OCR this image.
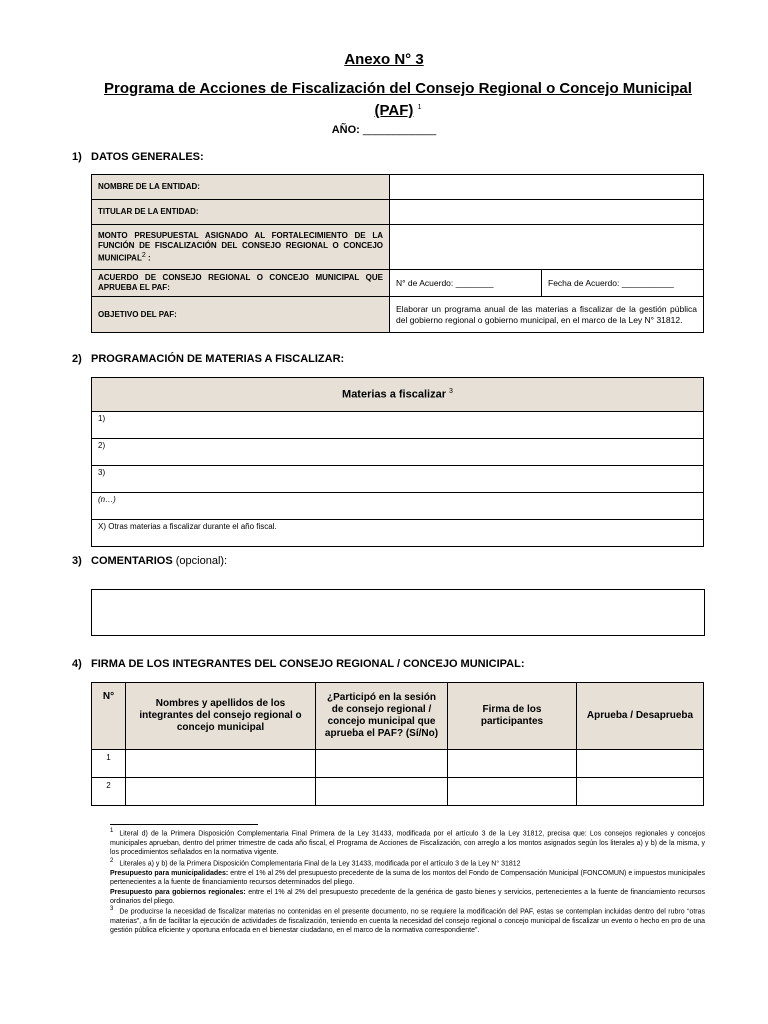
Anexo N° 3
Programa de Acciones de Fiscalización del Consejo Regional o Concejo Municipal
(PAF) $^1$
AÑO: ____________
1) DATOS GENERALES:
NOMBRE DE LA ENTIDAD:		
TITULAR DE LA ENTIDAD:		
MONTO PRESUPUESTAL ASIGNADO AL FORTALECIMIENTO DE LA FUNCIÓN DE FISCALIZACIÓN DEL CONSEJO REGIONAL O CONCEJO MUNICIPAL$^2$ :		
ACUERDO DE CONSEJO REGIONAL O CONCEJO MUNICIPAL QUE APRUEBA EL PAF:	N° de Acuerdo: ________	Fecha de Acuerdo: ___________
OBJETIVO DEL PAF:	Elaborar un programa anual de las materias a fiscalizar de la gestión pública del gobierno regional o gobierno municipal, en el marco de la Ley N° 31812.	
2) PROGRAMACIÓN DE MATERIAS A FISCALIZAR:
Materias a fiscalizar $^3$
1)
2)
3)
(n…)
X) Otras materias a fiscalizar durante el año fiscal.
3) COMENTARIOS (opcional):
4) FIRMA DE LOS INTEGRANTES DEL CONSEJO REGIONAL / CONCEJO MUNICIPAL:
N°	Nombres y apellidos de los integrantes del consejo regional o concejo municipal	¿Participó en la sesión de consejo regional / concejo municipal que aprueba el PAF? (Sí/No)	Firma de los participantes	Aprueba / Desaprueba
1				
2				
$^1$ Literal d) de la Primera Disposición Complementaria Final Primera de la Ley 31433, modificada por el artículo 3 de la Ley 31812, precisa que: Los consejos regionales y concejos municipales aprueban, dentro del primer trimestre de cada año fiscal, el Programa de Acciones de Fiscalización, con arreglo a los montos asignados según los literales a) y b) de la misma, y los procedimientos señalados en la normativa vigente.
$^2$ Literales a) y b) de la Primera Disposición Complementaria Final de la Ley 31433, modificada por el artículo 3 de la Ley N° 31812
Presupuesto para municipalidades: entre el 1% al 2% del presupuesto precedente de la suma de los montos del Fondo de Compensación Municipal (FONCOMUN) e impuestos municipales pertenecientes a la fuente de financiamiento recursos determinados del pliego.
Presupuesto para gobiernos regionales: entre el 1% al 2% del presupuesto precedente de la genérica de gasto bienes y servicios, pertenecientes a la fuente de financiamiento recursos ordinarios del pliego.
$^3$ De producirse la necesidad de fiscalizar materias no contenidas en el presente documento, no se requiere la modificación del PAF, estas se contemplan incluidas dentro del rubro “otras materias”, a fin de facilitar la ejecución de actividades de fiscalización, teniendo en cuenta la necesidad del consejo regional o concejo municipal de fiscalizar un evento o hecho en pro de una gestión pública eficiente y oportuna enfocada en el bienestar ciudadano, en el marco de la normativa correspondiente”.
